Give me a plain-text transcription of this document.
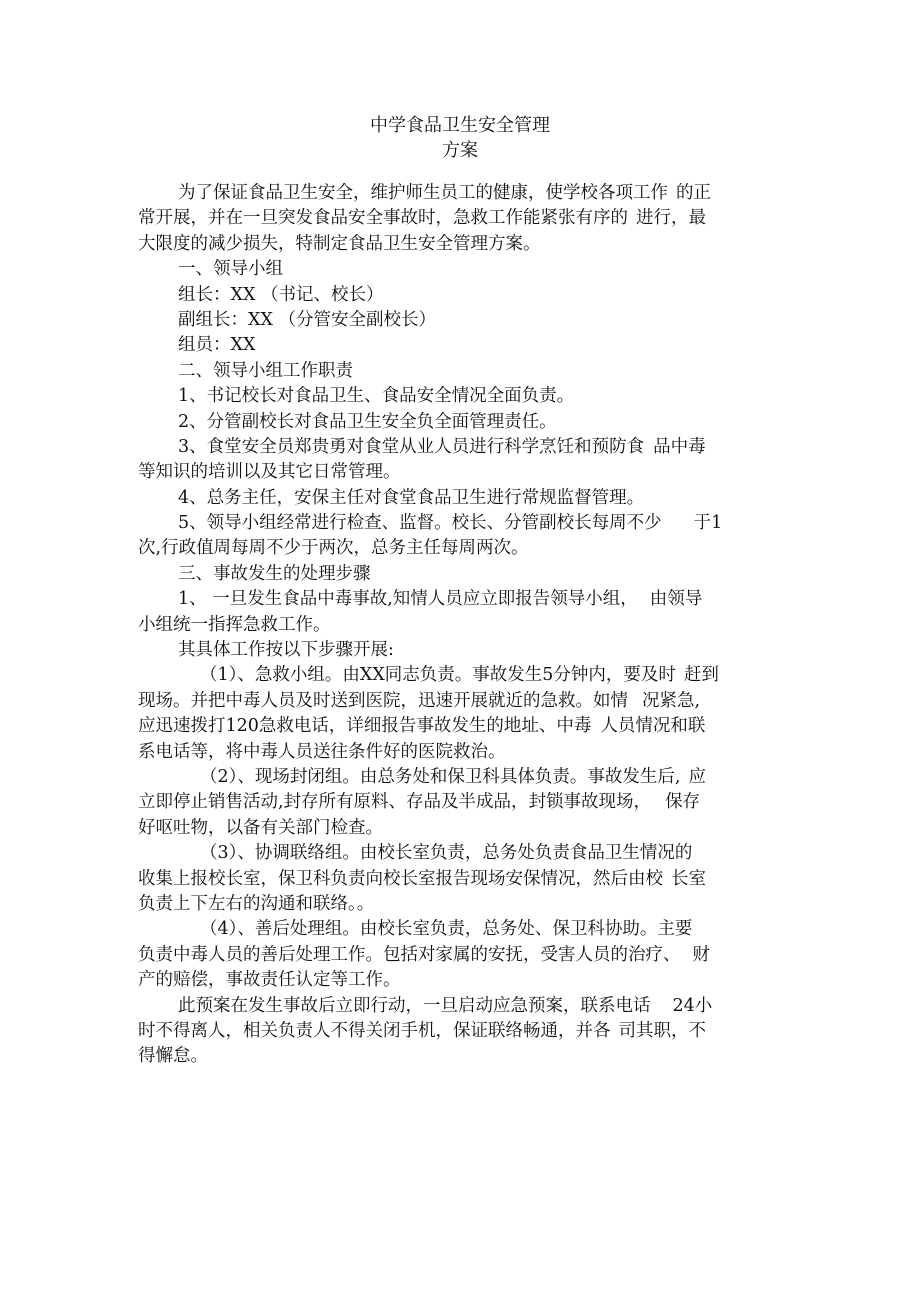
中学食品卫生安全管理
方案
为了保证食品卫生安全，维护师生员工的健康，使学校各项工作 的正
常开展，并在一旦突发食品安全事故时，急救工作能紧张有序的 进行，最
大限度的减少损失，特制定食品卫生安全管理方案。
一、领导小组
组长：XX （书记、校长）
副组长：XX （分管安全副校长）
组员：XX
二、领导小组工作职责
1、书记校长对食品卫生、食品安全情况全面负责。
2、分管副校长对食品卫生安全负全面管理责任。
3、食堂安全员郑贵勇对食堂从业人员进行科学烹饪和预防食 品中毒
等知识的培训以及其它日常管理。
4、总务主任，安保主任对食堂食品卫生进行常规监督管理。
5、领导小组经常进行检查、监督。校长、分管副校长每周不少 于1
次,行政值周每周不少于两次，总务主任每周两次。
三、事故发生的处理步骤
1、 一旦发生食品中毒事故,知情人员应立即报告领导小组， 由领导
小组统一指挥急救工作。
其具体工作按以下步骤开展:
（1）、急救小组。由XX同志负责。事故发生5分钟内，要及时 赶到
现场。并把中毒人员及时送到医院，迅速开展就近的急救。如情 况紧急,
应迅速拨打120急救电话，详细报告事故发生的地址、中毒 人员情况和联
系电话等，将中毒人员送往条件好的医院救治。
（2）、现场封闭组。由总务处和保卫科具体负责。事故发生后, 应
立即停止销售活动,封存所有原料、存品及半成品，封锁事故现场， 保存
好呕吐物，以备有关部门检查。
（3）、协调联络组。由校长室负责，总务处负责食品卫生情况的
收集上报校长室，保卫科负责向校长室报告现场安保情况，然后由校 长室
负责上下左右的沟通和联络。。
（4）、善后处理组。由校长室负责，总务处、保卫科协助。主要
负责中毒人员的善后处理工作。包括对家属的安抚，受害人员的治疗、 财
产的赔偿，事故责任认定等工作。
此预案在发生事故后立即行动，一旦启动应急预案，联系电话 24小
时不得离人，相关负责人不得关闭手机，保证联络畅通，并各 司其职，不
得懈怠。
